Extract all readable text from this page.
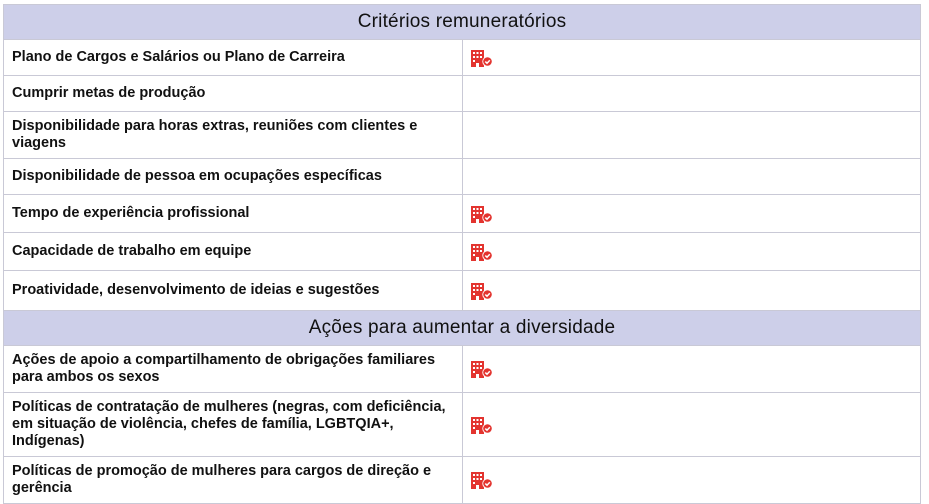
Critérios remuneratórios	
Plano de Cargos e Salários ou Plano de Carreira	
Cumprir metas de produção	
Disponibilidade para horas extras, reuniões com clientes e viagens	
Disponibilidade de pessoa em ocupações específicas	
Tempo de experiência profissional	
Capacidade de trabalho em equipe	
Proatividade, desenvolvimento de ideias e sugestões	
Ações para aumentar a diversidade	
Ações de apoio a compartilhamento de obrigações familiares para ambos os sexos	
Políticas de contratação de mulheres (negras, com deficiência, em situação de violência, chefes de família, LGBTQIA+, Indígenas)	
Políticas de promoção de mulheres para cargos de direção e gerência	
